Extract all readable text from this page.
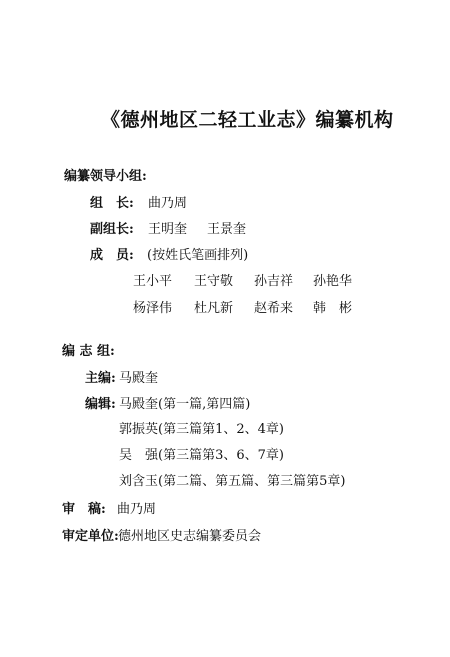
《德州地区二轻工业志》编纂机构
编纂领导小组:
组　长: 曲乃周
副组长: 王明奎 王景奎
成　员: (按姓氏笔画排列)
王小平 王守敬 孙吉祥 孙艳华
杨泽伟 杜凡新 赵希来 韩　彬
编 志 组:
主编: 马殿奎
编辑: 马殿奎(第一篇,第四篇)
郭振英(第三篇第1、2、4章)
吴　强(第三篇第3、6、7章)
刘含玉(第二篇、第五篇、第三篇第5章)
审　稿: 曲乃周
审定单位: 德州地区史志编纂委员会
